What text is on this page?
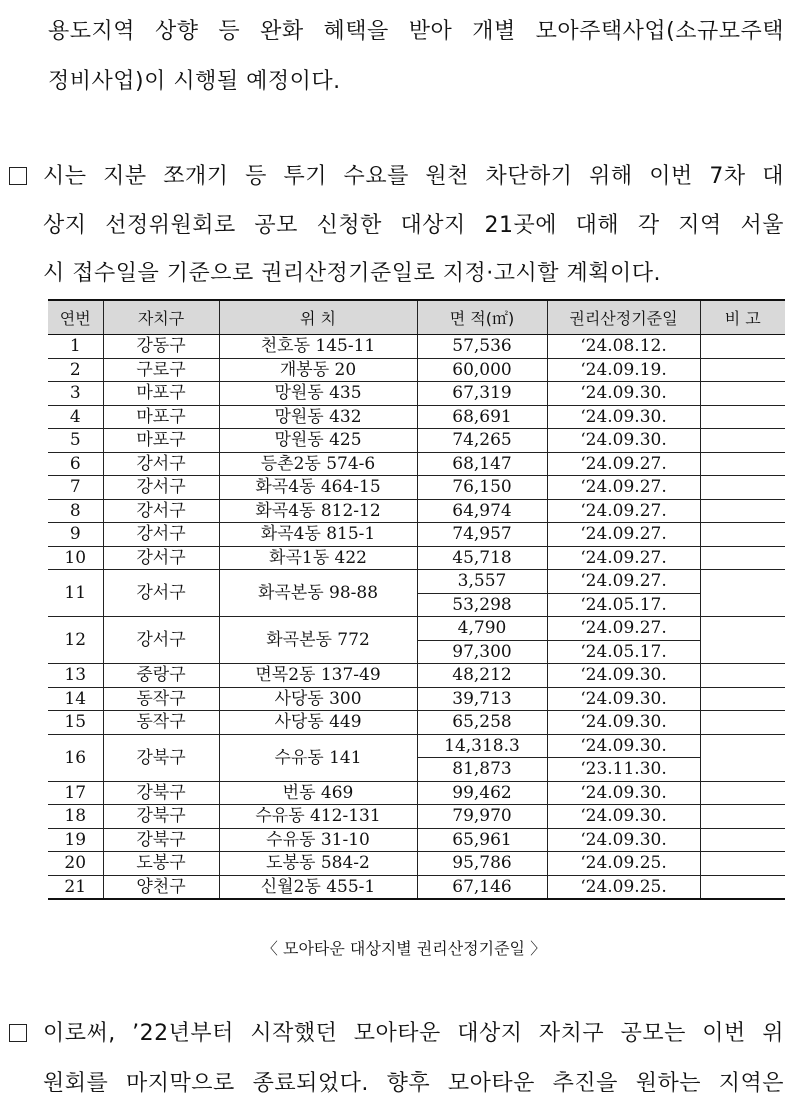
용도지역 상향 등 완화 혜택을 받아 개별 모아주택사업(소규모주택
정비사업)이 시행될 예정이다.
시는 지분 쪼개기 등 투기 수요를 원천 차단하기 위해 이번 7차 대
상지 선정위원회로 공모 신청한 대상지 21곳에 대해 각 지역 서울
시 접수일을 기준으로 권리산정기준일로 지정·고시할 계획이다.
연번	자치구	위 치	면 적(㎡)	권리산정기준일	비 고
1	강동구	천호동 145-11	57,536	‘24.08.12.	
2	구로구	개봉동 20	60,000	‘24.09.19.	
3	마포구	망원동 435	67,319	‘24.09.30.	
4	마포구	망원동 432	68,691	‘24.09.30.	
5	마포구	망원동 425	74,265	‘24.09.30.	
6	강서구	등촌2동 574-6	68,147	‘24.09.27.	
7	강서구	화곡4동 464-15	76,150	‘24.09.27.	
8	강서구	화곡4동 812-12	64,974	‘24.09.27.	
9	강서구	화곡4동 815-1	74,957	‘24.09.27.	
10	강서구	화곡1동 422	45,718	‘24.09.27.	
11	강서구	화곡본동 98-88	3,557	‘24.09.27.	
			53,298	‘24.05.17.	
12	강서구	화곡본동 772	4,790	‘24.09.27.	
			97,300	‘24.05.17.	
13	중랑구	면목2동 137-49	48,212	‘24.09.30.	
14	동작구	사당동 300	39,713	‘24.09.30.	
15	동작구	사당동 449	65,258	‘24.09.30.	
16	강북구	수유동 141	14,318.3	‘24.09.30.	
			81,873	‘23.11.30.	
17	강북구	번동 469	99,462	‘24.09.30.	
18	강북구	수유동 412-131	79,970	‘24.09.30.	
19	강북구	수유동 31-10	65,961	‘24.09.30.	
20	도봉구	도봉동 584-2	95,786	‘24.09.25.	
21	양천구	신월2동 455-1	67,146	‘24.09.25.	
〈 모아타운 대상지별 권리산정기준일 〉
이로써, ’22년부터 시작했던 모아타운 대상지 자치구 공모는 이번 위
원회를 마지막으로 종료되었다. 향후 모아타운 추진을 원하는 지역은
